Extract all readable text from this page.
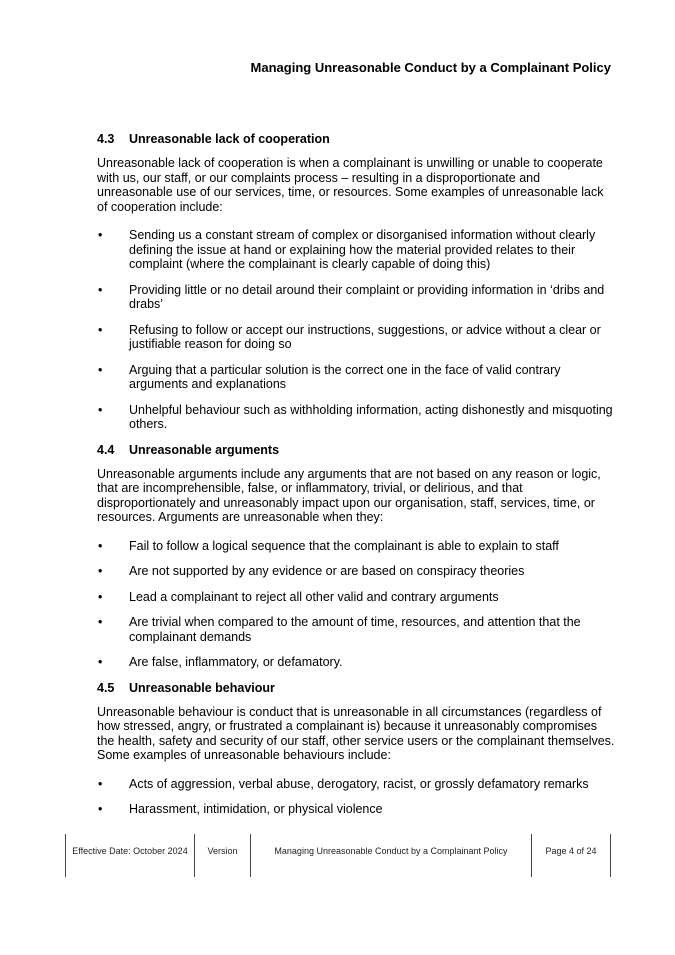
Managing Unreasonable Conduct by a Complainant Policy
4.3	Unreasonable lack of cooperation

Unreasonable lack of cooperation is when a complainant is unwilling or unable to cooperate with us, our staff, or our complaints process – resulting in a disproportionate and unreasonable use of our services, time, or resources. Some examples of unreasonable lack of cooperation include:

• Sending us a constant stream of complex or disorganised information without clearly defining the issue at hand or explaining how the material provided relates to their complaint (where the complainant is clearly capable of doing this)
• Providing little or no detail around their complaint or providing information in ‘dribs and drabs’
• Refusing to follow or accept our instructions, suggestions, or advice without a clear or justifiable reason for doing so
• Arguing that a particular solution is the correct one in the face of valid contrary arguments and explanations
• Unhelpful behaviour such as withholding information, acting dishonestly and misquoting others.
4.4	Unreasonable arguments

Unreasonable arguments include any arguments that are not based on any reason or logic, that are incomprehensible, false, or inflammatory, trivial, or delirious, and that disproportionately and unreasonably impact upon our organisation, staff, services, time, or resources. Arguments are unreasonable when they:

• Fail to follow a logical sequence that the complainant is able to explain to staff
• Are not supported by any evidence or are based on conspiracy theories
• Lead a complainant to reject all other valid and contrary arguments
• Are trivial when compared to the amount of time, resources, and attention that the complainant demands
• Are false, inflammatory, or defamatory.
4.5	Unreasonable behaviour

Unreasonable behaviour is conduct that is unreasonable in all circumstances (regardless of how stressed, angry, or frustrated a complainant is) because it unreasonably compromises the health, safety and security of our staff, other service users or the complainant themselves. Some examples of unreasonable behaviours include:

• Acts of aggression, verbal abuse, derogatory, racist, or grossly defamatory remarks
• Harassment, intimidation, or physical violence
Effective Date: October 2024	Version	Managing Unreasonable Conduct by a Complainant Policy	Page 4 of 24
